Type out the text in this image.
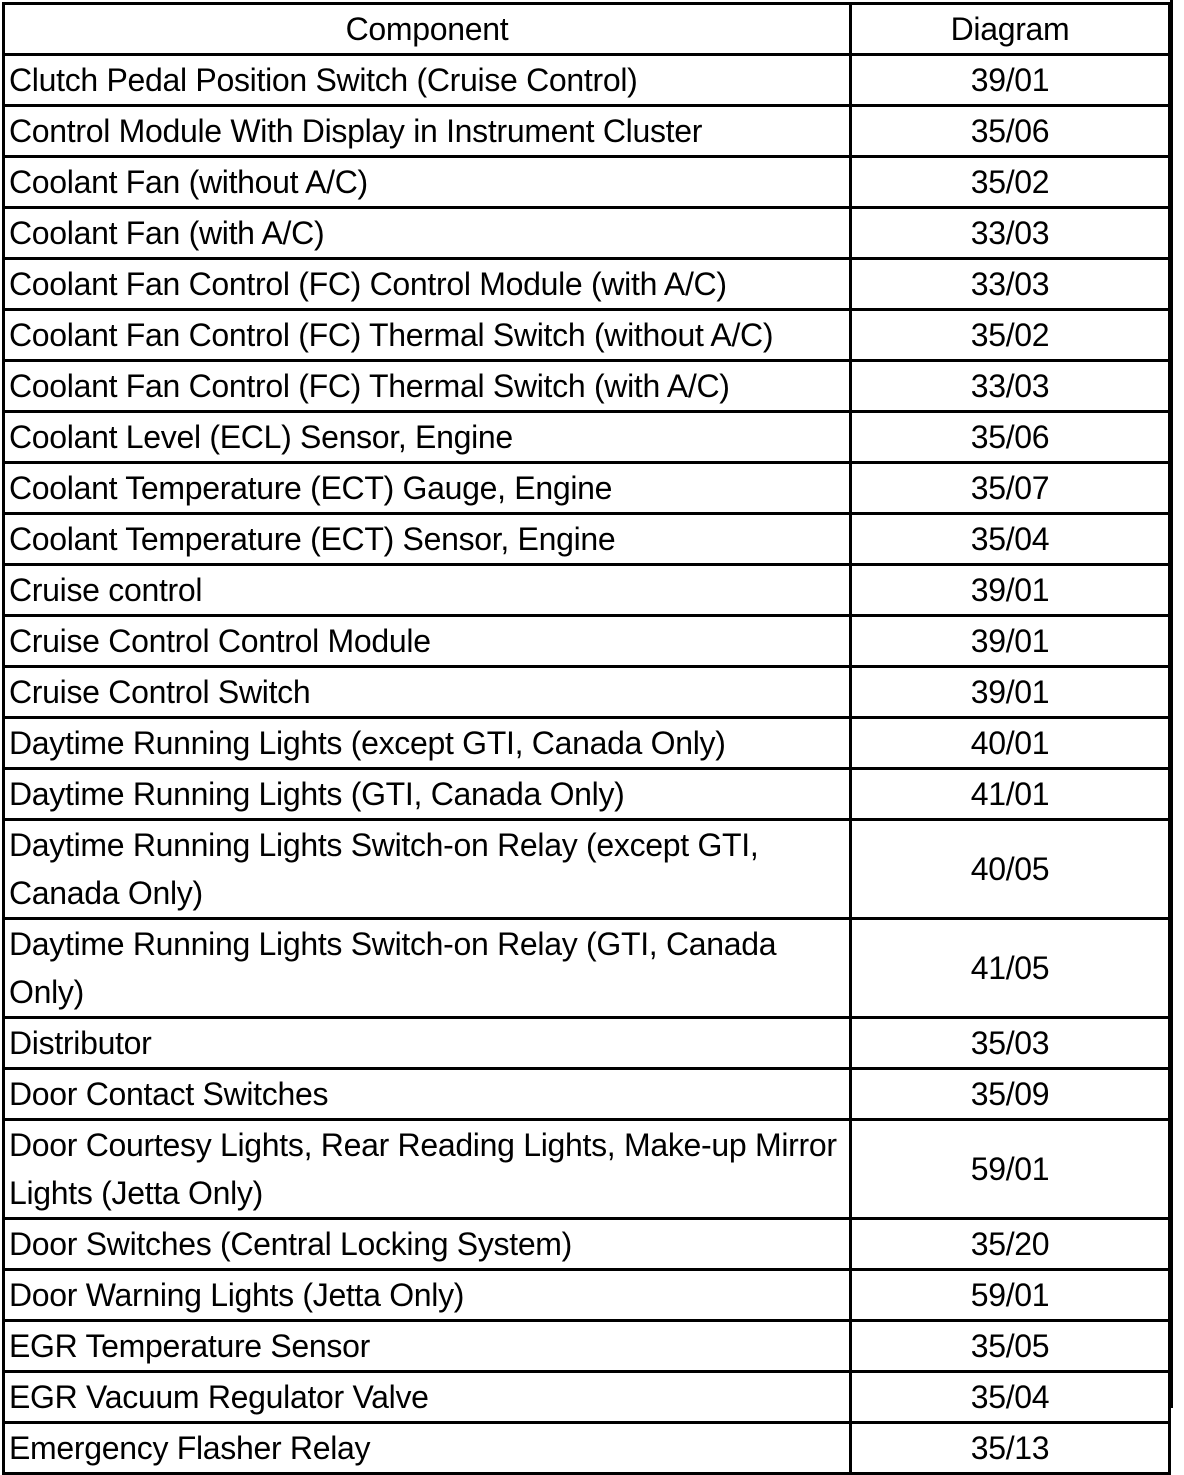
Component	Diagram
Clutch Pedal Position Switch (Cruise Control)	39/01
Control Module With Display in Instrument Cluster	35/06
Coolant Fan (without A/C)	35/02
Coolant Fan (with A/C)	33/03
Coolant Fan Control (FC) Control Module (with A/C)	33/03
Coolant Fan Control (FC) Thermal Switch (without A/C)	35/02
Coolant Fan Control (FC) Thermal Switch (with A/C)	33/03
Coolant Level (ECL) Sensor, Engine	35/06
Coolant Temperature (ECT) Gauge, Engine	35/07
Coolant Temperature (ECT) Sensor, Engine	35/04
Cruise control	39/01
Cruise Control Control Module	39/01
Cruise Control Switch	39/01
Daytime Running Lights (except GTI, Canada Only)	40/01
Daytime Running Lights (GTI, Canada Only)	41/01
Daytime Running Lights Switch-on Relay (except GTI, Canada Only)	40/05
Daytime Running Lights Switch-on Relay (GTI, Canada Only)	41/05
Distributor	35/03
Door Contact Switches	35/09
Door Courtesy Lights, Rear Reading Lights, Make-up Mirror Lights (Jetta Only)	59/01
Door Switches (Central Locking System)	35/20
Door Warning Lights (Jetta Only)	59/01
EGR Temperature Sensor	35/05
EGR Vacuum Regulator Valve	35/04
Emergency Flasher Relay	35/13
